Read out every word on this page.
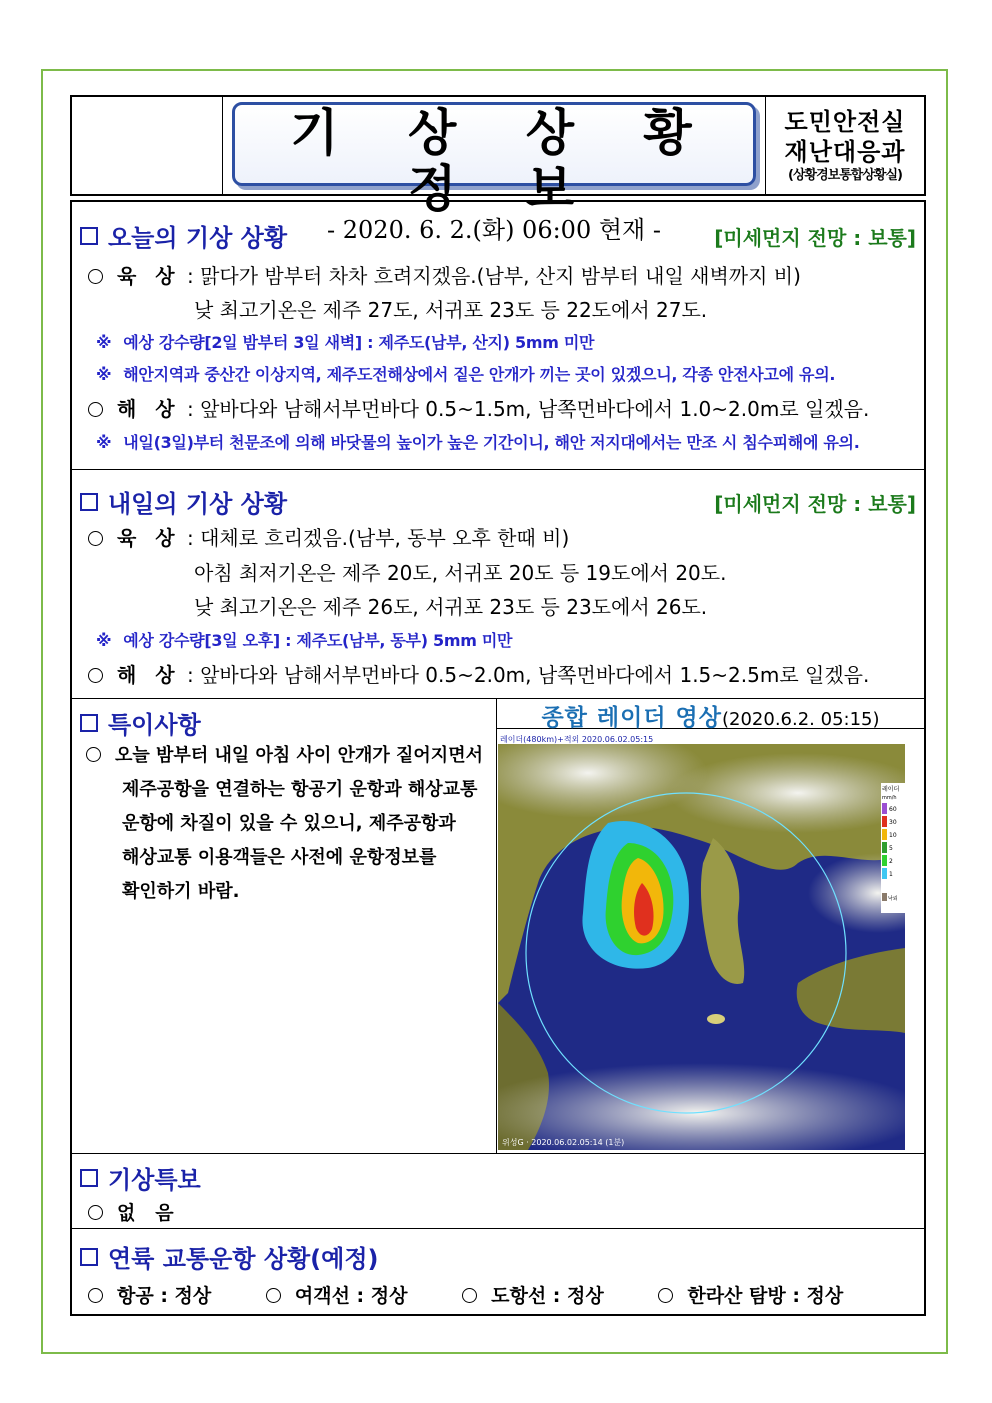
기 상 상 황 정 보
- 2020. 6. 2.(화) 06:00 현재 -
도민안전실
재난대응과
(상황경보통합상황실)
오늘의 기상 상황	[미세먼지 전망 : 보통]
육 상 : 맑다가 밤부터 차차 흐려지겠음.(남부, 산지 밤부터 내일 새벽까지 비)
낮 최고기온은 제주 27도, 서귀포 23도 등 22도에서 27도.
※ 예상 강수량[2일 밤부터 3일 새벽] : 제주도(남부, 산지) 5mm 미만
※ 해안지역과 중산간 이상지역, 제주도전해상에서 짙은 안개가 끼는 곳이 있겠으니, 각종 안전사고에 유의.
해 상 : 앞바다와 남해서부먼바다 0.5~1.5m, 남쪽먼바다에서 1.0~2.0m로 일겠음.
※ 내일(3일)부터 천문조에 의해 바닷물의 높이가 높은 기간이니, 해안 저지대에서는 만조 시 침수피해에 유의.
내일의 기상 상황	[미세먼지 전망 : 보통]
육 상 : 대체로 흐리겠음.(남부, 동부 오후 한때 비)
아침 최저기온은 제주 20도, 서귀포 20도 등 19도에서 20도.
낮 최고기온은 제주 26도, 서귀포 23도 등 23도에서 26도.
※ 예상 강수량[3일 오후] : 제주도(남부, 동부) 5mm 미만
해 상 : 앞바다와 남해서부먼바다 0.5~2.0m, 남쪽먼바다에서 1.5~2.5m로 일겠음.
특이사항
오늘 밤부터 내일 아침 사이 안개가 짙어지면서
제주공항을 연결하는 항공기 운항과 해상교통
운항에 차질이 있을 수 있으니, 제주공항과
해상교통 이용객들은 사전에 운항정보를
확인하기 바람.
종합 레이더 영상(2020.6.2. 05:15)
레이더(480km)+적외 2020.06.02.05:15
위성G · 2020.06.02.05:14 (1분)
레이더
mm/h
60
30
10
5
2
1
낙뢰
기상특보
없   음
연륙 교통운항 상황(예정)
항공 : 정상	여객선 : 정상	도항선 : 정상	한라산 탐방 : 정상
